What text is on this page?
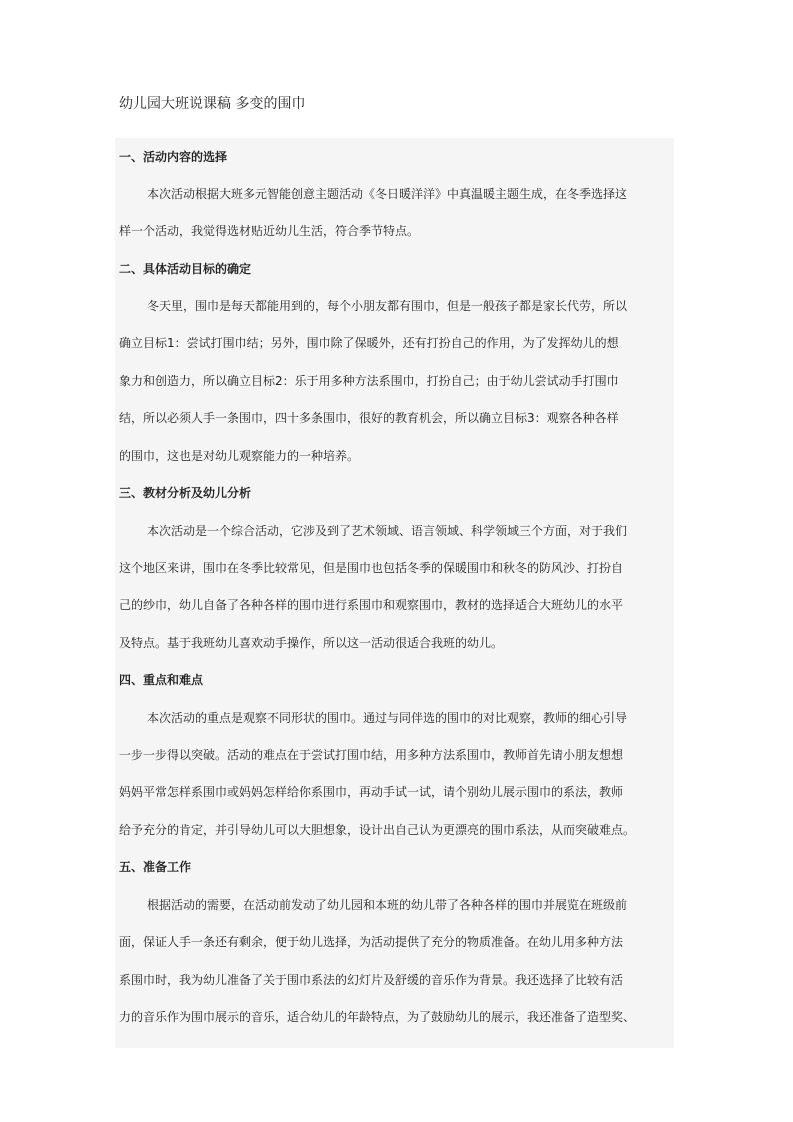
幼儿园大班说课稿 多变的围巾
一、活动内容的选择
本次活动根据大班多元智能创意主题活动《冬日暖洋洋》中真温暖主题生成，在冬季选择这
样一个活动，我觉得选材贴近幼儿生活，符合季节特点。
二、具体活动目标的确定
冬天里，围巾是每天都能用到的，每个小朋友都有围巾，但是一般孩子都是家长代劳，所以
确立目标1：尝试打围巾结；另外，围巾除了保暖外，还有打扮自己的作用，为了发挥幼儿的想
象力和创造力，所以确立目标2：乐于用多种方法系围巾，打扮自己；由于幼儿尝试动手打围巾
结，所以必须人手一条围巾，四十多条围巾，很好的教育机会，所以确立目标3：观察各种各样
的围巾，这也是对幼儿观察能力的一种培养。
三、教材分析及幼儿分析
本次活动是一个综合活动，它涉及到了艺术领域、语言领域、科学领域三个方面，对于我们
这个地区来讲，围巾在冬季比较常见，但是围巾也包括冬季的保暖围巾和秋冬的防风沙、打扮自
己的纱巾，幼儿自备了各种各样的围巾进行系围巾和观察围巾，教材的选择适合大班幼儿的水平
及特点。基于我班幼儿喜欢动手操作，所以这一活动很适合我班的幼儿。
四、重点和难点
本次活动的重点是观察不同形状的围巾。通过与同伴选的围巾的对比观察，教师的细心引导
一步一步得以突破。活动的难点在于尝试打围巾结，用多种方法系围巾，教师首先请小朋友想想
妈妈平常怎样系围巾或妈妈怎样给你系围巾，再动手试一试，请个别幼儿展示围巾的系法，教师
给予充分的肯定，并引导幼儿可以大胆想象，设计出自己认为更漂亮的围巾系法，从而突破难点。
五、准备工作
根据活动的需要，在活动前发动了幼儿园和本班的幼儿带了各种各样的围巾并展览在班级前
面，保证人手一条还有剩余，便于幼儿选择，为活动提供了充分的物质准备。在幼儿用多种方法
系围巾时，我为幼儿准备了关于围巾系法的幻灯片及舒缓的音乐作为背景。我还选择了比较有活
力的音乐作为围巾展示的音乐，适合幼儿的年龄特点，为了鼓励幼儿的展示，我还准备了造型奖、
